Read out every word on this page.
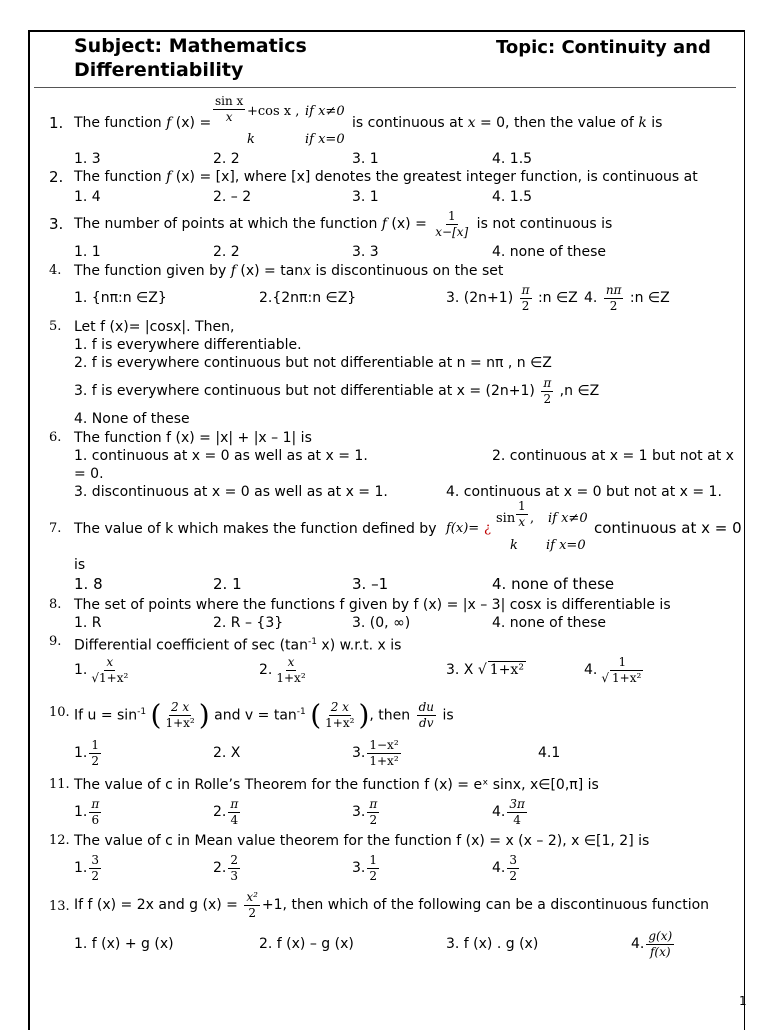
Subject: Mathematics
Differentiability
Topic: Continuity and
1. The function f $(x) = \frac{\text{sin x}}{x} +\cos$ x , if x≠0
k	if x=0
is continuous at x = 0, then the value of k is
1. 3	2. 2	3. 1	4. 1.5
2. The function f (x) = [x], where [x] denotes the greatest integer function, is continuous at
1. 4	2. – 2	3. 1	4. 1.5
3. The number of points at which the function f $(x) = \frac{1}{x-[x]}$ is not continuous is
1. 1	2. 2	3. 3	4. none of these
4. The function given by f (x) = tanx is discontinuous on the set
1. {nπ:n ∈Z}	2.{2nπ:n ∈Z}	3. $(2n+1) \frac{\pi}{2}$ :n ∈Z 4. $\frac{n\pi}{2}$ :n ∈Z
5. Let f (x)= |cosx|. Then,
1. f is everywhere differentiable.
2. f is everywhere continuous but not differentiable at n = nπ , n ∈Z
3. f is everywhere continuous but not differentiable at $x = (2n+1) \frac{\pi}{2} ,n$ ∈Z
4. None of these
6. The function f (x) = |x| + |x – 1| is
1. continuous at x = 0 as well as at x = 1.	2. continuous at x = 1 but not at x
= 0.
3. discontinuous at x = 0 as well as at x = 1.	4. continuous at x = 0 but not at x = 1.
7. The value of k which makes the function defined by f(x)= ¿
$\sin \frac{1}{x}$ , if x≠0
k if x=0
continuous at x = 0
is
1. 8	2. 1	3. –1	4. none of these
8. The set of points where the functions f given by f (x) = |x – 3| cosx is differentiable is
1. R	2. R – {3}	3. (0, ∞)	4. none of these
9. Differential coefficient of $\sec (\tan^{-1}$ x) w.r.t. x is
1. $\frac{x}{\text{√1+x²}}$	2. $\frac{x}{\text{1+x²}}$	3. X √ 1+x²	4. $\frac{1}{\text{√ 1+x²}}$
10. If $u = \sin^{-1}$ ( $\frac{2 x}{\text{1+x²}}$ ) and $v = \tan^{-1}$ ( $\frac{2 x}{\text{1+x²}}$ ), then $\frac{du}{dv}$ is
1. $\frac{1}{2}$	2. X	3. $\frac{\text{1−x²}}{\text{1+x²}}$	4.1
11. The value of c in Rolle’s Theorem for the function f (x) = eˣ sinx, x∈[0,π] is
1. $\frac{\pi}{6}$	2. $\frac{\pi}{4}$	3. $\frac{\pi}{2}$	4. $\frac{3\pi}{4}$
12. The value of c in Mean value theorem for the function f (x) = x (x – 2), x ∈[1, 2] is
1. $\frac{3}{2}$	2. $\frac{2}{3}$	3. $\frac{1}{2}$	4. $\frac{3}{2}$
13. If f (x) = 2x and g $(x) = \frac{\text{x²}}{2} +1$, then which of the following can be a discontinuous function
1. f (x) + g (x)	2. f (x) – g (x)	3. f (x) . g (x)	4. $\frac{g(x)}{f(x)}$
1
